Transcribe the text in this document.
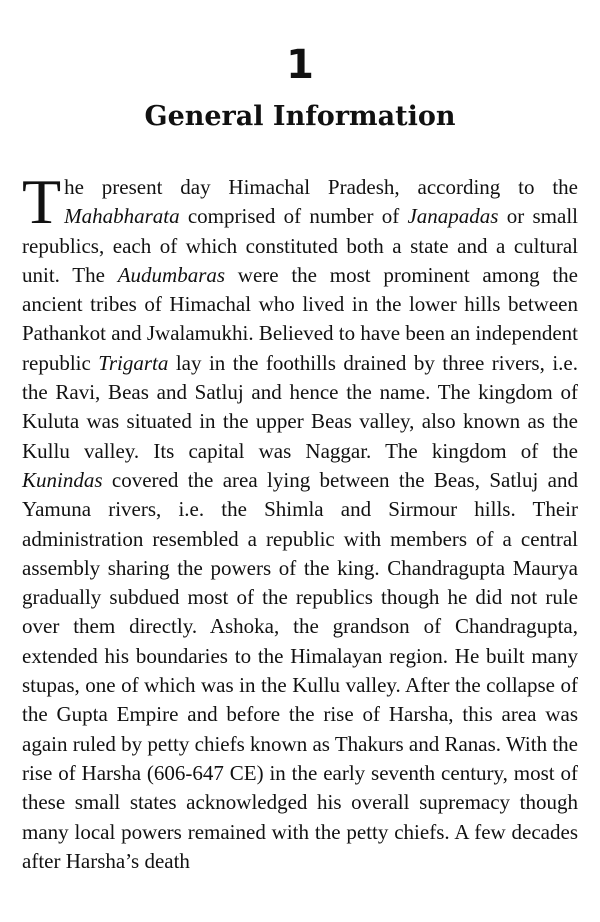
1
General Information

The present day Himachal Pradesh, according to the Mahabharata comprised of number of Janapadas or small republics, each of which constituted both a state and a cultural unit. The Audumbaras were the most prominent among the ancient tribes of Himachal who lived in the lower hills between Pathankot and Jwalamukhi. Believed to have been an independent republic Trigarta lay in the foothills drained by three rivers, i.e. the Ravi, Beas and Satluj and hence the name. The kingdom of Kuluta was situated in the upper Beas valley, also known as the Kullu valley. Its capital was Naggar. The kingdom of the Kunindas covered the area lying between the Beas, Satluj and Yamuna rivers, i.e. the Shimla and Sirmour hills. Their administration resembled a republic with members of a central assembly sharing the powers of the king. Chandragupta Maurya gradually subdued most of the republics though he did not rule over them directly. Ashoka, the grandson of Chandragupta, extended his boundaries to the Himalayan region. He built many stupas, one of which was in the Kullu valley. After the collapse of the Gupta Empire and before the rise of Harsha, this area was again ruled by petty chiefs known as Thakurs and Ranas. With the rise of Harsha (606-647 CE) in the early seventh century, most of these small states acknowledged his overall supremacy though many local powers remained with the petty chiefs. A few decades after Harsha’s death
